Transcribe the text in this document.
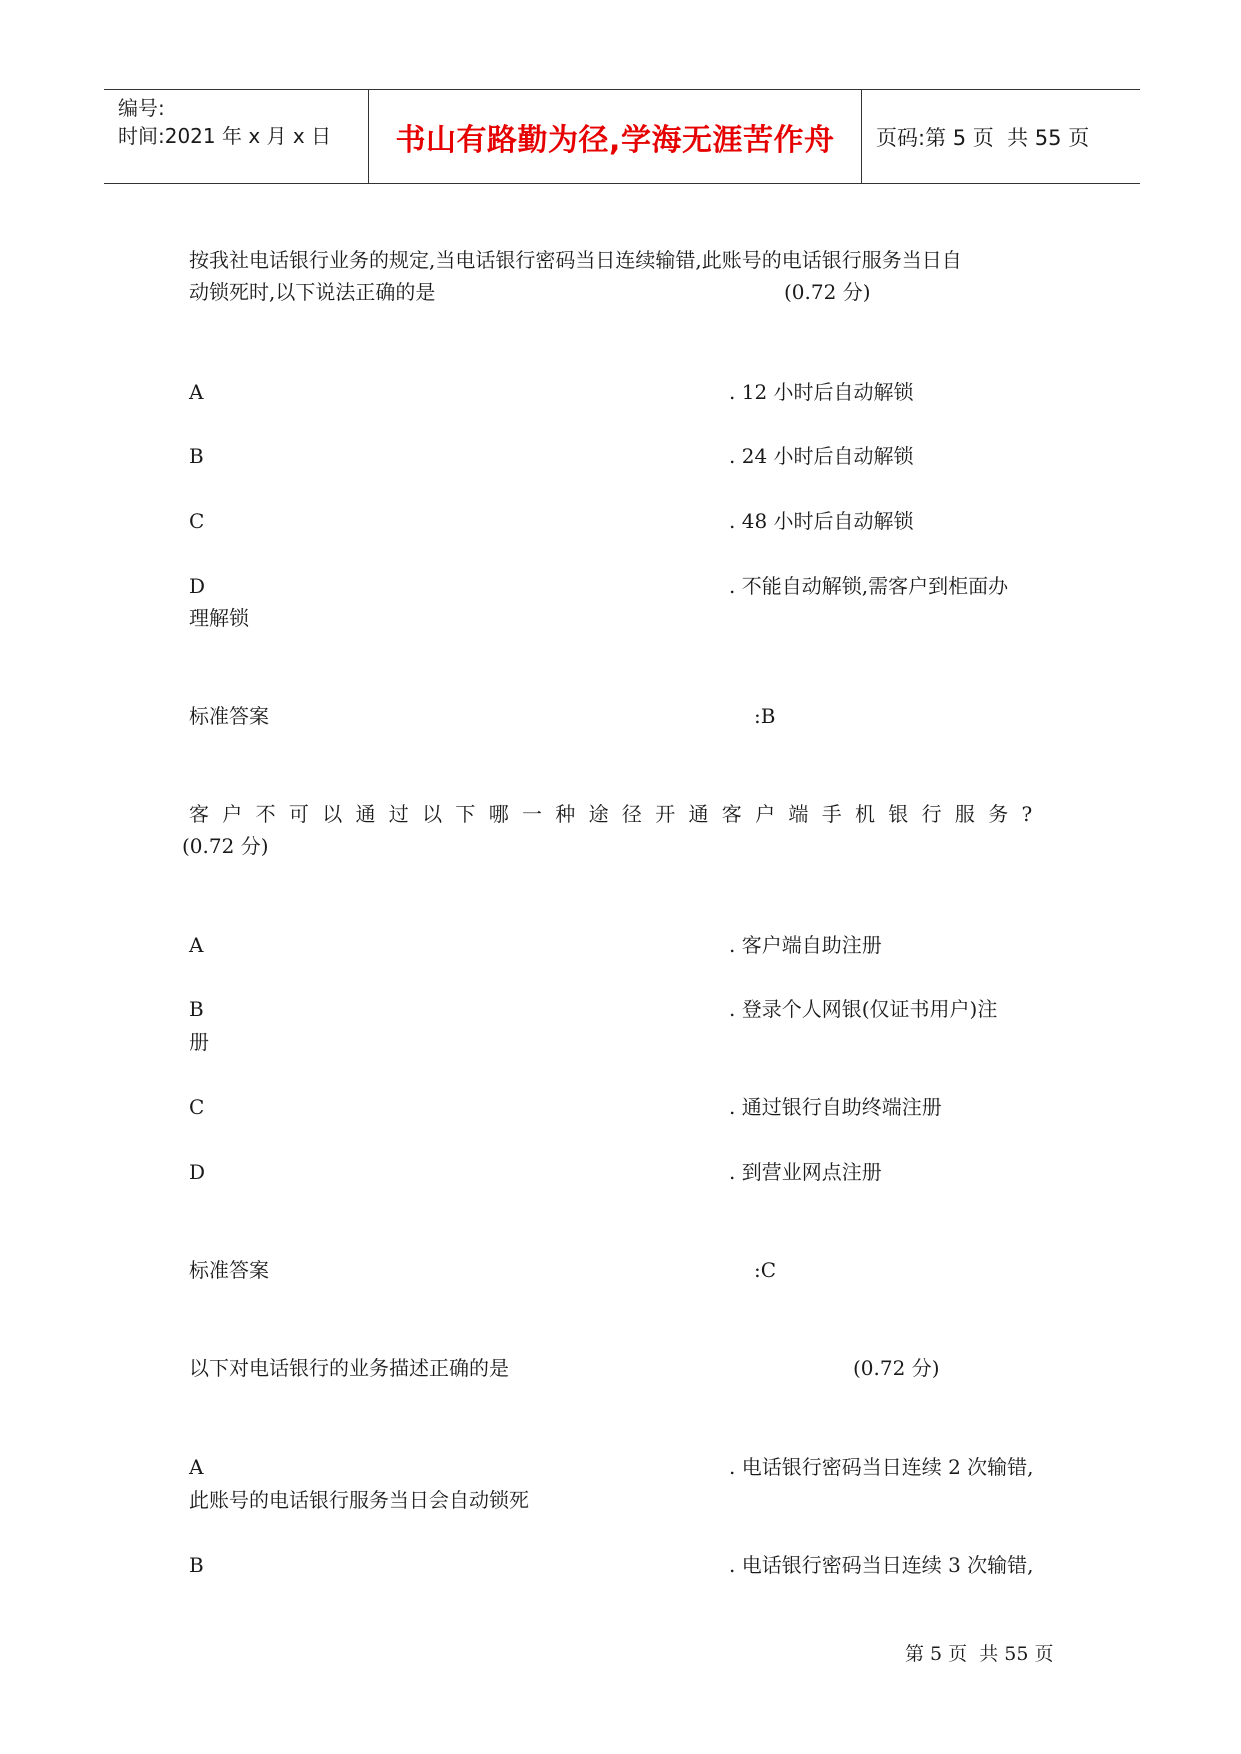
编号:
时间:2021 年 x 月 x 日	书山有路勤为径,学海无涯苦作舟	页码:第 5 页  共 55 页
按我社电话银行业务的规定,当电话银行密码当日连续输错,此账号的电话银行服务当日自
动锁死时,以下说法正确的是	(0.72 分)
A	. 12 小时后自动解锁
B	. 24 小时后自动解锁
C	. 48 小时后自动解锁
D	. 不能自动解锁,需客户到柜面办
理解锁
标准答案	:B
客户不可以通过以下哪一种途径开通客户端手机银行服务?
(0.72 分)
A	. 客户端自助注册
B	. 登录个人网银(仅证书用户)注
册
C	. 通过银行自助终端注册
D	. 到营业网点注册
标准答案	:C
以下对电话银行的业务描述正确的是	(0.72 分)
A	. 电话银行密码当日连续 2 次输错,
此账号的电话银行服务当日会自动锁死
B	. 电话银行密码当日连续 3 次输错,
第 5 页  共 55 页
